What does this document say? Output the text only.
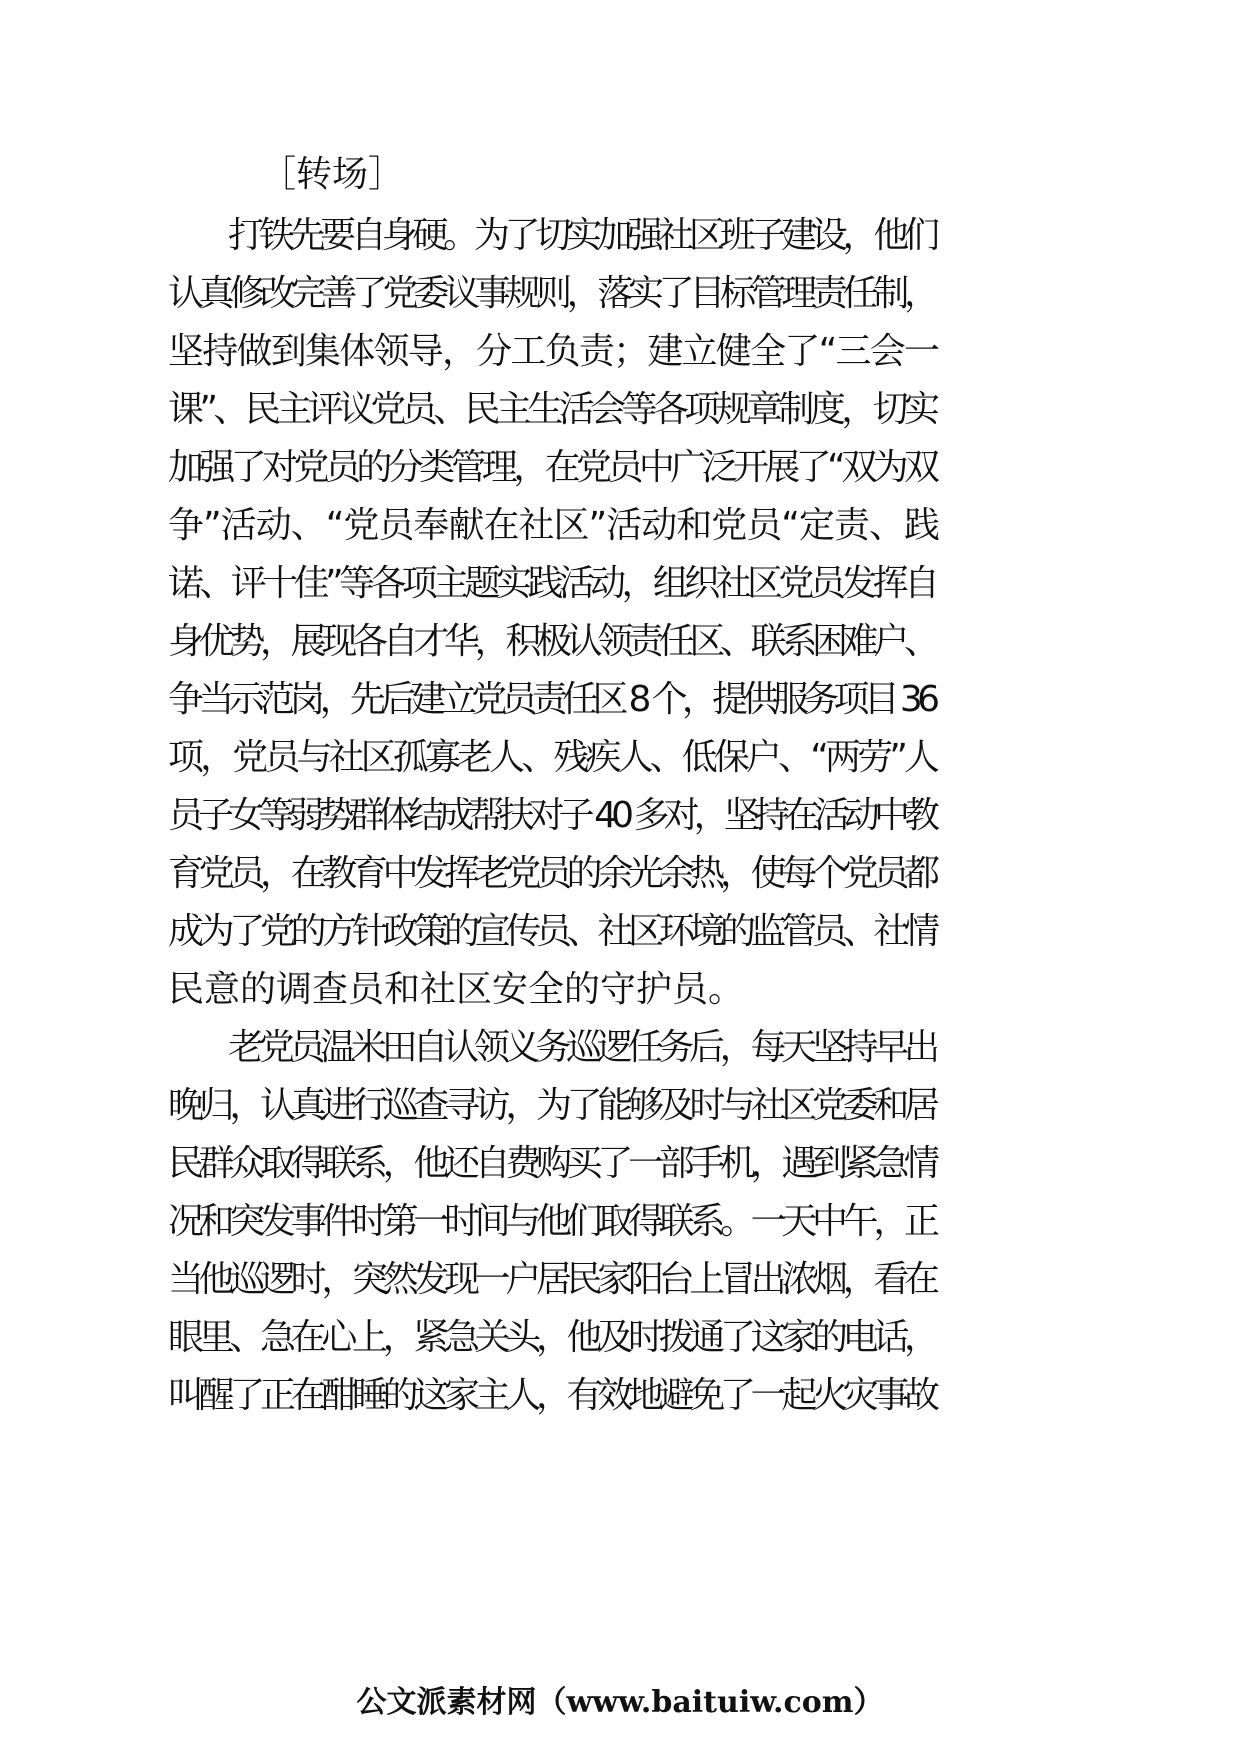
［转场］
打铁先要自身硬。为了切实加强社区班子建设，他们
认真修改完善了党委议事规则，落实了目标管理责任制，
坚持做到集体领导，分工负责；建立健全了“三会一
课”、民主评议党员、民主生活会等各项规章制度，切实
加强了对党员的分类管理，在党员中广泛开展了“双为双
争”活动、“党员奉献在社区”活动和党员“定责、践
诺、评十佳”等各项主题实践活动，组织社区党员发挥自
身优势，展现各自才华，积极认领责任区、联系困难户、
争当示范岗，先后建立党员责任区 8 个，提供服务项目 36
项，党员与社区孤寡老人、残疾人、低保户、“两劳”人
员子女等弱势群体结成帮扶对子 40 多对，坚持在活动中教
育党员，在教育中发挥老党员的余光余热，使每个党员都
成为了党的方针政策的宣传员、社区环境的监管员、社情
民意的调查员和社区安全的守护员。
老党员温米田自认领义务巡逻任务后，每天坚持早出
晚归，认真进行巡查寻访，为了能够及时与社区党委和居
民群众取得联系，他还自费购买了一部手机，遇到紧急情
况和突发事件时第一时间与他们取得联系。一天中午，正
当他巡逻时，突然发现一户居民家阳台上冒出浓烟，看在
眼里、急在心上，紧急关头，他及时拨通了这家的电话，
叫醒了正在酣睡的这家主人，有效地避免了一起火灾事故
公文派素材网（www.baituiw.com）
